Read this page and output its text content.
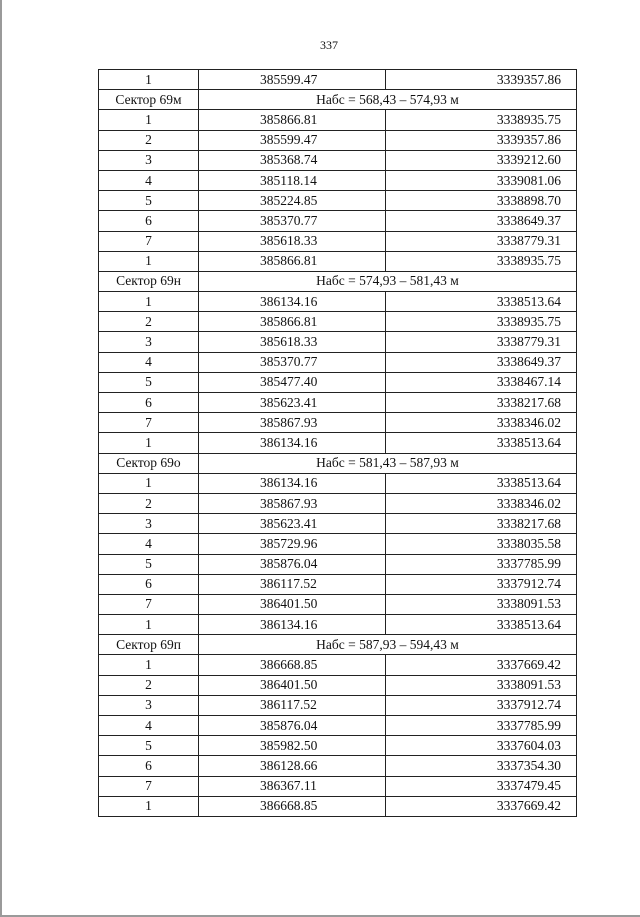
337
1	385599.47	3339357.86
Сектор 69м	Набс = 568,43 – 574,93 м	
1	385866.81	3338935.75
2	385599.47	3339357.86
3	385368.74	3339212.60
4	385118.14	3339081.06
5	385224.85	3338898.70
6	385370.77	3338649.37
7	385618.33	3338779.31
1	385866.81	3338935.75
Сектор 69н	Набс = 574,93 – 581,43 м	
1	386134.16	3338513.64
2	385866.81	3338935.75
3	385618.33	3338779.31
4	385370.77	3338649.37
5	385477.40	3338467.14
6	385623.41	3338217.68
7	385867.93	3338346.02
1	386134.16	3338513.64
Сектор 69о	Набс = 581,43 – 587,93 м	
1	386134.16	3338513.64
2	385867.93	3338346.02
3	385623.41	3338217.68
4	385729.96	3338035.58
5	385876.04	3337785.99
6	386117.52	3337912.74
7	386401.50	3338091.53
1	386134.16	3338513.64
Сектор 69п	Набс = 587,93 – 594,43 м	
1	386668.85	3337669.42
2	386401.50	3338091.53
3	386117.52	3337912.74
4	385876.04	3337785.99
5	385982.50	3337604.03
6	386128.66	3337354.30
7	386367.11	3337479.45
1	386668.85	3337669.42
